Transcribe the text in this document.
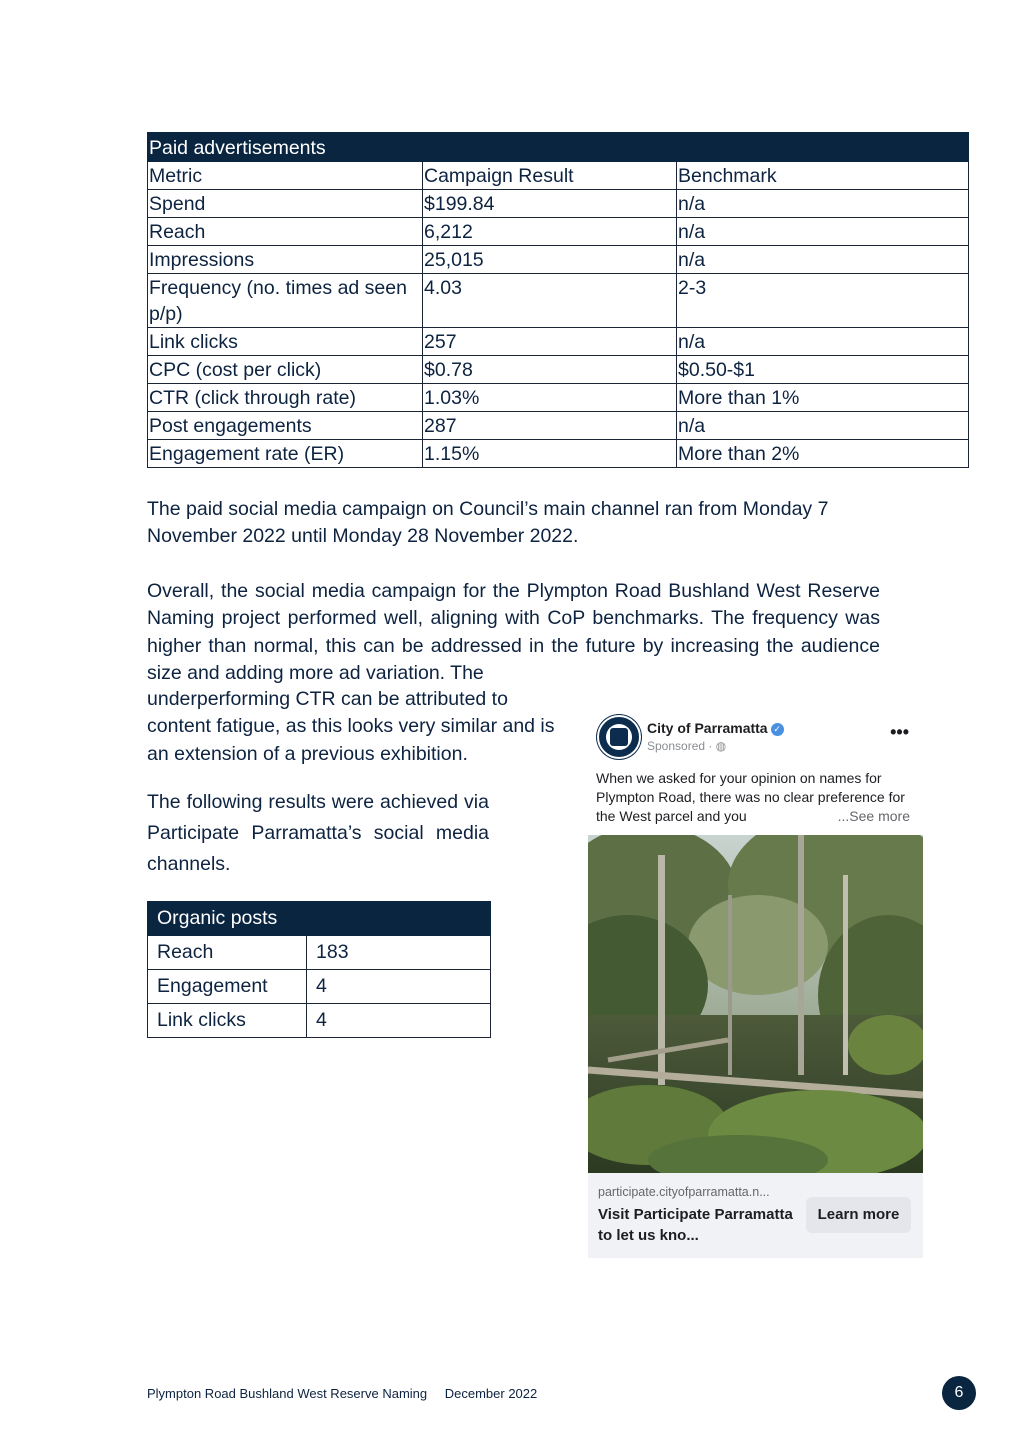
Paid advertisements		
Metric	Campaign Result	Benchmark
Spend	$199.84	n/a
Reach	6,212	n/a
Impressions	25,015	n/a
Frequency (no. times ad seen p/p)	4.03	2-3
Link clicks	257	n/a
CPC (cost per click)	$0.78	$0.50-$1
CTR (click through rate)	1.03%	More than 1%
Post engagements	287	n/a
Engagement rate (ER)	1.15%	More than 2%

The paid social media campaign on Council’s main channel ran from Monday 7 November 2022 until Monday 28 November 2022.

Overall, the social media campaign for the Plympton Road Bushland West Reserve Naming project performed well, aligning with CoP benchmarks. The frequency was higher than normal, this can be addressed in the future by increasing the audience size and adding more ad variation. The

underperforming CTR can be attributed to content fatigue, as this looks very similar and is an extension of a previous exhibition.

The following results were achieved via Participate Parramatta’s social media channels.

Organic posts	
Reach	183
Engagement	4
Link clicks	4
City of Parramatta ✓
Sponsored · ◍
•••
When we asked for your opinion on names for Plympton Road, there was no clear preference for the West parcel and you	...See more
participate.cityofparramatta.n...
Visit Participate Parramatta to let us kno...
Learn more
Plympton Road Bushland West Reserve Naming December 2022	6
